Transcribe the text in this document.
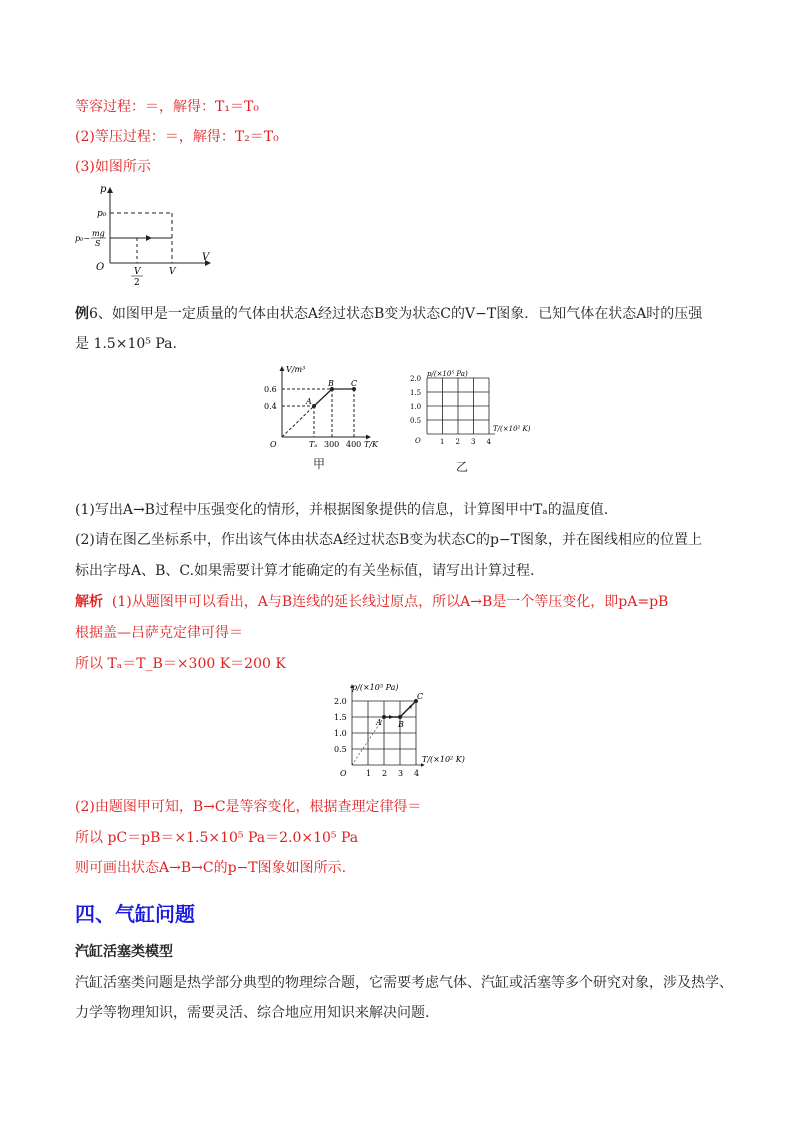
等容过程：＝，解得：T₁＝T₀
(2)等压过程：＝，解得：T₂＝T₀
(3)如图所示
p
V
O
p₀
p₀−
mg
S
V
2
V
例6、如图甲是一定质量的气体由状态A经过状态B变为状态C的V−T图象．已知气体在状态A时的压强
是 1.5×10⁵ Pa.
V/m³
T/K
O
0.6
0.4
Tₐ 300 400
A
B C
甲
p/(×10⁵ Pa)
T/(×10² K)
O
2.0
1.5
1.0
0.5
1 2 3 4
乙
(1)写出A→B过程中压强变化的情形，并根据图象提供的信息，计算图甲中Tₐ的温度值.
(2)请在图乙坐标系中，作出该气体由状态A经过状态B变为状态C的p−T图象，并在图线相应的位置上
标出字母A、B、C.如果需要计算才能确定的有关坐标值，请写出计算过程.
解析 (1)从题图甲可以看出，A与B连线的延长线过原点，所以A→B是一个等压变化，即pA=pB
根据盖—吕萨克定律可得＝
所以 Tₐ＝T_B＝×300 K＝200 K
p/(×10⁵ Pa)
T/(×10² K)
O
2.0
1.5
1.0
0.5
1 2 3 4
A B
C
(2)由题图甲可知，B→C是等容变化，根据查理定律得＝
所以 pC＝pB＝×1.5×10⁵ Pa＝2.0×10⁵ Pa
则可画出状态A→B→C的p−T图象如图所示.
四、气缸问题
汽缸活塞类模型
汽缸活塞类问题是热学部分典型的物理综合题，它需要考虑气体、汽缸或活塞等多个研究对象，涉及热学、力学等物理知识，需要灵活、综合地应用知识来解决问题.
